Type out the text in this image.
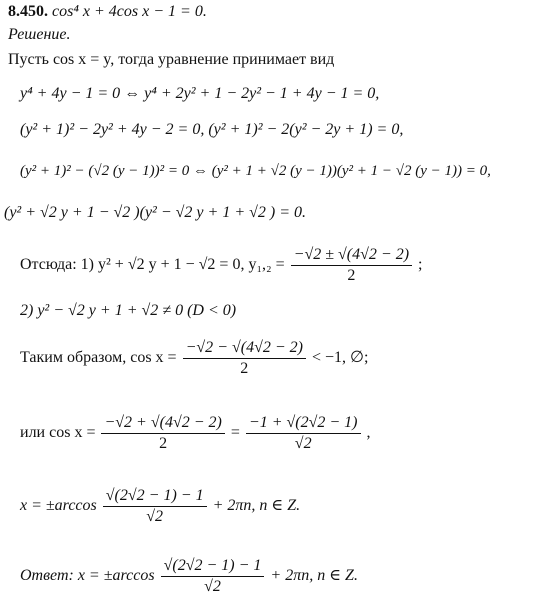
8.450. cos⁴ x + 4cos x − 1 = 0.
Решение.
Пусть cos x = y, тогда уравнение принимает вид
y⁴ + 4y − 1 = 0 ⇔ y⁴ + 2y² + 1 − 2y² − 1 + 4y − 1 = 0,
(y² + 1)² − 2y² + 4y − 2 = 0, (y² + 1)² − 2(y² − 2y + 1) = 0,
(y² + 1)² − (√2 (y − 1))² = 0 ⇔ (y² + 1 + √2 (y − 1))(y² + 1 − √2 (y − 1)) = 0,
(y² + √2 y + 1 − √2 )(y² − √2 y + 1 + √2 ) = 0.
Отсюда: 1) y² + √2 y + 1 − √2 = 0, $y_1,_2 = \frac{-√2 \pm √(4√2 - 2)}{2}$ ;
2) y² − √2 y + 1 + √2 ≠ 0 (D < 0)
Таким образом, $\cos x = \frac{-√2 - √(4√2 - 2)}{2} < -1$, ∅;
или $\cos x = \frac{-√2 + √(4√2 - 2)}{2} = \frac{-1 + √(2√2 - 1)}{√2}$ ,
$x = \pm\arccos \frac{√(2√2 - 1) - 1}{√2} + 2\pi n$, n ∈ Z.
Ответ: $x = \pm\arccos \frac{√(2√2 - 1) - 1}{√2} + 2\pi n$, n ∈ Z.
